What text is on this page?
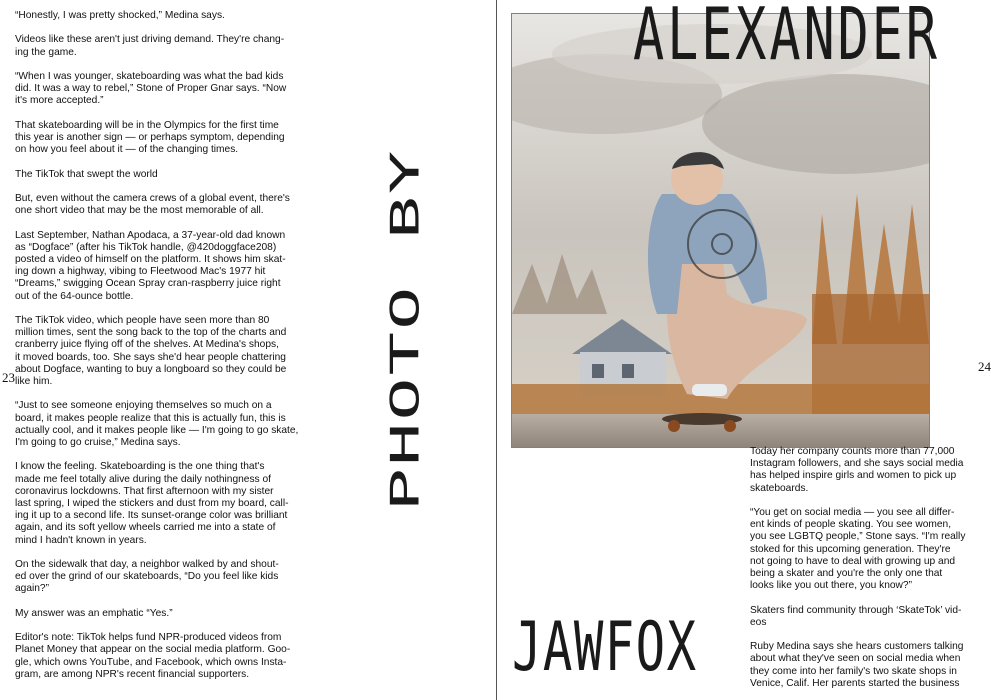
“Honestly, I was pretty shocked,” Medina says.

Videos like these aren't just driving demand. They're chang-
ing the game.

“When I was younger, skateboarding was what the bad kids
did. It was a way to rebel,” Stone of Proper Gnar says. “Now
it's more accepted.”

That skateboarding will be in the Olympics for the first time
this year is another sign — or perhaps symptom, depending
on how you feel about it — of the changing times.

The TikTok that swept the world

But, even without the camera crews of a global event, there's
one short video that may be the most memorable of all.

Last September, Nathan Apodaca, a 37-year-old dad known
as “Dogface” (after his TikTok handle, @420doggface208)
posted a video of himself on the platform. It shows him skat-
ing down a highway, vibing to Fleetwood Mac's 1977 hit
“Dreams,” swigging Ocean Spray cran-raspberry juice right
out of the 64-ounce bottle.

The TikTok video, which people have seen more than 80
million times, sent the song back to the top of the charts and
cranberry juice flying off of the shelves. At Medina's shops,
it moved boards, too. She says she'd hear people chattering
about Dogface, wanting to buy a longboard so they could be
like him.

“Just to see someone enjoying themselves so much on a
board, it makes people realize that this is actually fun, this is
actually cool, and it makes people like — I'm going to go skate,
I'm going to go cruise,” Medina says.

I know the feeling. Skateboarding is the one thing that's
made me feel totally alive during the daily nothingness of
coronavirus lockdowns. That first afternoon with my sister
last spring, I wiped the stickers and dust from my board, call-
ing it up to a second life. Its sunset-orange color was brilliant
again, and its soft yellow wheels carried me into a state of
mind I hadn't known in years.

On the sidewalk that day, a neighbor walked by and shout-
ed over the grind of our skateboards, “Do you feel like kids
again?”

My answer was an emphatic “Yes.”

Editor's note: TikTok helps fund NPR-produced videos from
Planet Money that appear on the social media platform. Goo-
gle, which owns YouTube, and Facebook, which owns Insta-
gram, are among NPR's recent financial supporters.

23	PHOTO BY
ALEXANDER
JAWFOX
24

Today her company counts more than 77,000
Instagram followers, and she says social media
has helped inspire girls and women to pick up
skateboards.

“You get on social media — you see all differ-
ent kinds of people skating. You see women,
you see LGBTQ people,” Stone says. “I'm really
stoked for this upcoming generation. They're
not going to have to deal with growing up and
being a skater and you're the only one that
looks like you out there, you know?”

Skaters find community through ‘SkateTok’ vid-
eos

Ruby Medina says she hears customers talking
about what they've seen on social media when
they come into her family's two skate shops in
Venice, Calif. Her parents started the business
